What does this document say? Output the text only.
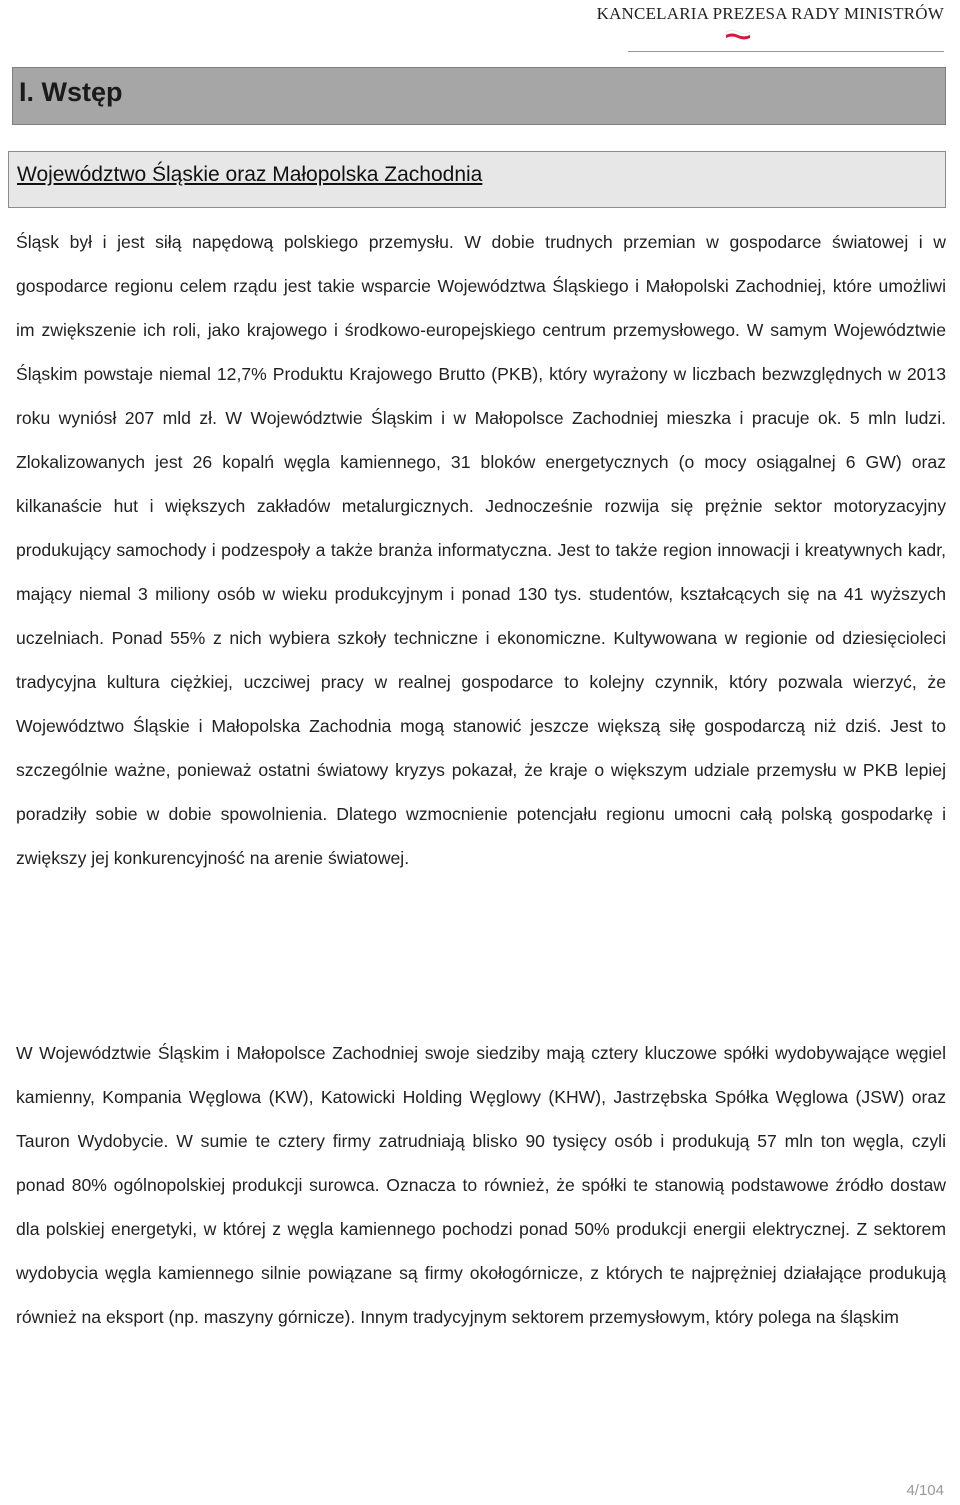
KANCELARIA PREZESA RADY MINISTRÓW
I. Wstęp
Województwo Śląskie oraz Małopolska Zachodnia

Śląsk był i jest siłą napędową polskiego przemysłu. W dobie trudnych przemian w gospodarce światowej i w gospodarce regionu celem rządu jest takie wsparcie Województwa Śląskiego i Małopolski Zachodniej, które umożliwi im zwiększenie ich roli, jako krajowego i środkowo-europejskiego centrum przemysłowego. W samym Województwie Śląskim powstaje niemal 12,7% Produktu Krajowego Brutto (PKB), który wyrażony w liczbach bezwzględnych w 2013 roku wyniósł 207 mld zł. W Województwie Śląskim i w Małopolsce Zachodniej mieszka i pracuje ok. 5 mln ludzi. Zlokalizowanych jest 26 kopalń węgla kamiennego, 31 bloków energetycznych (o mocy osiągalnej 6 GW) oraz kilkanaście hut i większych zakładów metalurgicznych. Jednocześnie rozwija się prężnie sektor motoryzacyjny produkujący samochody i podzespoły a także branża informatyczna. Jest to także region innowacji i kreatywnych kadr, mający niemal 3 miliony osób w wieku produkcyjnym i ponad 130 tys. studentów, kształcących się na 41 wyższych uczelniach. Ponad 55% z nich wybiera szkoły techniczne i ekonomiczne. Kultywowana w regionie od dziesięcioleci tradycyjna kultura ciężkiej, uczciwej pracy w realnej gospodarce to kolejny czynnik, który pozwala wierzyć, że Województwo Śląskie i Małopolska Zachodnia mogą stanowić jeszcze większą siłę gospodarczą niż dziś. Jest to szczególnie ważne, ponieważ ostatni światowy kryzys pokazał, że kraje o większym udziale przemysłu w PKB lepiej poradziły sobie w dobie spowolnienia. Dlatego wzmocnienie potencjału regionu umocni całą polską gospodarkę i zwiększy jej konkurencyjność na arenie światowej.

W Województwie Śląskim i Małopolsce Zachodniej swoje siedziby mają cztery kluczowe spółki wydobywające węgiel kamienny, Kompania Węglowa (KW), Katowicki Holding Węglowy (KHW), Jastrzębska Spółka Węglowa (JSW) oraz Tauron Wydobycie. W sumie te cztery firmy zatrudniają blisko 90 tysięcy osób i produkują 57 mln ton węgla, czyli ponad 80% ogólnopolskiej produkcji surowca. Oznacza to również, że spółki te stanowią podstawowe źródło dostaw dla polskiej energetyki, w której z węgla kamiennego pochodzi ponad 50% produkcji energii elektrycznej. Z sektorem wydobycia węgla kamiennego silnie powiązane są firmy okołogórnicze, z których te najprężniej działające produkują również na eksport (np. maszyny górnicze). Innym tradycyjnym sektorem przemysłowym, który polega na śląskim

4/104
